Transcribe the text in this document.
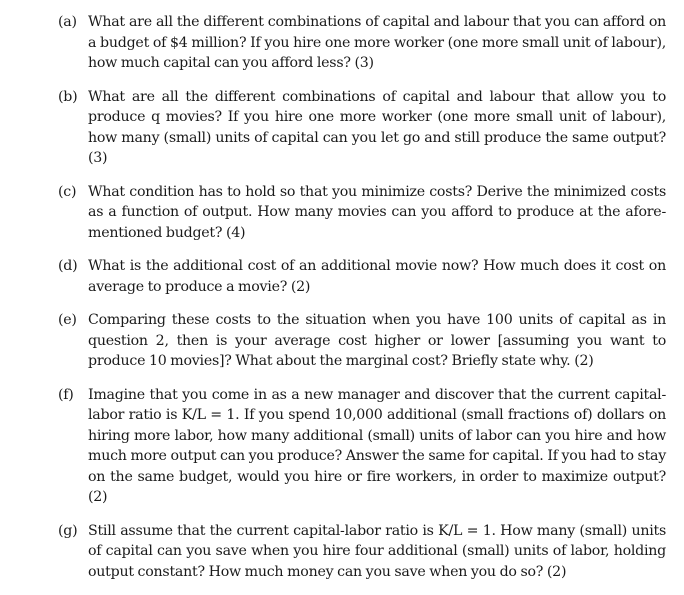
(a) What are all the different combinations of capital and labour that you can afford on a budget of $4 million? If you hire one more worker (one more small unit of labour), how much capital can you afford less? (3)
(b) What are all the different combinations of capital and labour that allow you to produce q movies? If you hire one more worker (one more small unit of labour), how many (small) units of capital can you let go and still produce the same output? (3)
(c) What condition has to hold so that you minimize costs? Derive the minimized costs as a function of output. How many movies can you afford to produce at the afore-mentioned budget? (4)
(d) What is the additional cost of an additional movie now? How much does it cost on average to produce a movie? (2)
(e) Comparing these costs to the situation when you have 100 units of capital as in question 2, then is your average cost higher or lower [assuming you want to produce 10 movies]? What about the marginal cost? Briefly state why. (2)
(f) Imagine that you come in as a new manager and discover that the current capital-labor ratio is K/L = 1. If you spend 10,000 additional (small fractions of) dollars on hiring more labor, how many additional (small) units of labor can you hire and how much more output can you produce? Answer the same for capital. If you had to stay on the same budget, would you hire or fire workers, in order to maximize output? (2)
(g) Still assume that the current capital-labor ratio is K/L = 1. How many (small) units of capital can you save when you hire four additional (small) units of labor, holding output constant? How much money can you save when you do so? (2)
